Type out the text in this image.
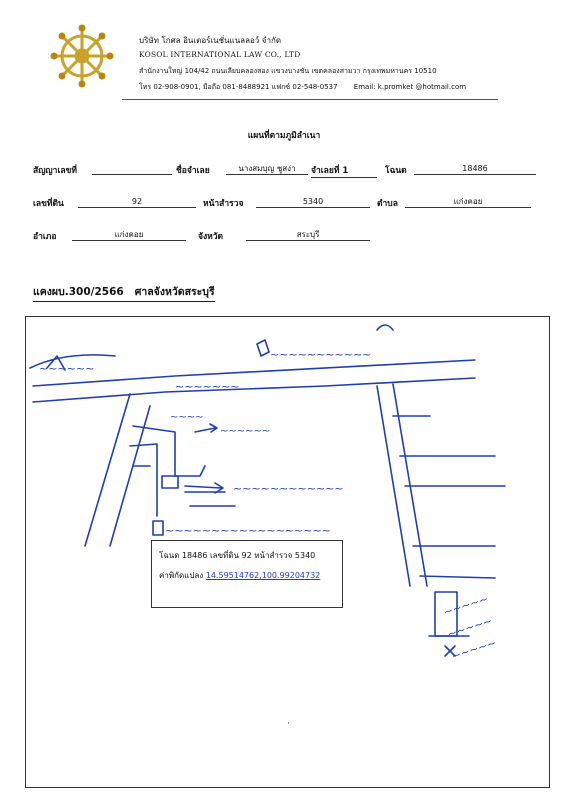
บริษัท โกศล อินเตอร์เนชั่นแนลลอว์ จำกัด
KOSOL INTERNATIONAL LAW CO., LTD
สำนักงานใหญ่ 104/42 ถนนเลียบคลองสอง แขวงบางชัน เขตคลองสามวา กรุงเทพมหานคร 10510
โทร 02-908-0901, มือถือ 081-8488921 แฟกซ์ 02-548-0537 Email: k.promket @hotmail.com
แผนที่ตามภูมิลำเนา
สัญญาเลขที่	ชื่อจำเลย	นางสมบุญ ชูสง่า	จำเลยที่ 1	โฉนด	18486
เลขที่ดิน	92	หน้าสำรวจ	5340	ตำบล	แก่งคอย
อำเภอ	แก่งคอย	จังหวัด	สระบุรี
แคงผบ.300/2566 ศาลจังหวัดสระบุรี
~~~~~~
~~~~~~~
~~~~~~~~~~~
~~~~
~~~~~~
~~~~~~~~~~~~
~~~~~~~~~~~~~~~~~~
~~~~~
~~~~~
~~~~~
·
โฉนด 18486 เลขที่ดิน 92 หน้าสำรวจ 5340
ค่าพิกัดแปลง 14.59514762,100.99204732
